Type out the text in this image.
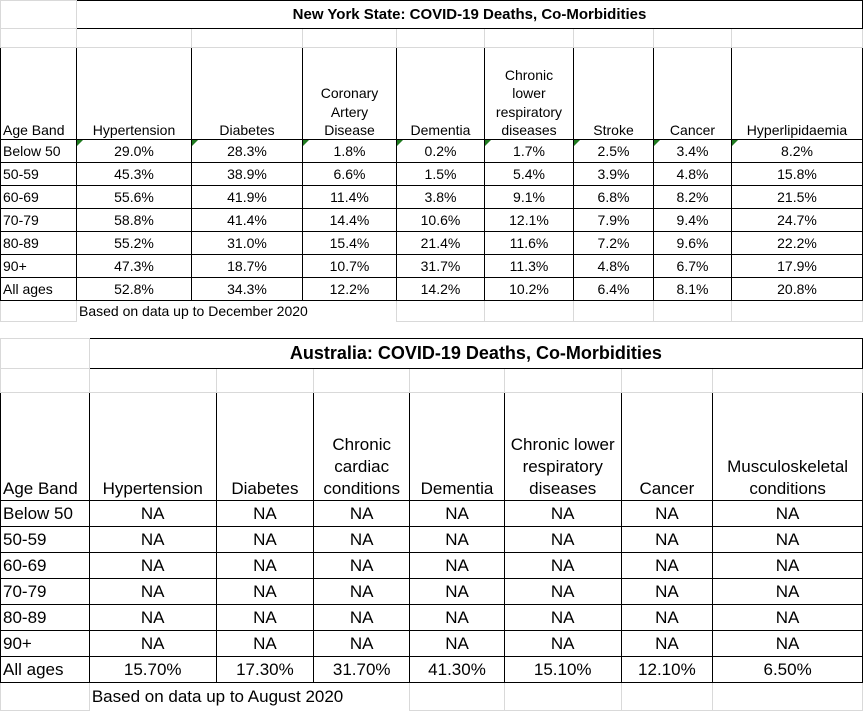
	New York State: COVID-19 Deaths, Co-Morbidities							

Age Band	Hypertension	Diabetes	Coronary Artery Disease	Dementia	Chronic lower respiratory diseases	Stroke	Cancer	Hyperlipidaemia
Below 50	29.0%	28.3%	1.8%	0.2%	1.7%	2.5%	3.4%	8.2%
50-59	45.3%	38.9%	6.6%	1.5%	5.4%	3.9%	4.8%	15.8%
60-69	55.6%	41.9%	11.4%	3.8%	9.1%	6.8%	8.2%	21.5%
70-79	58.8%	41.4%	14.4%	10.6%	12.1%	7.9%	9.4%	24.7%
80-89	55.2%	31.0%	15.4%	21.4%	11.6%	7.2%	9.6%	22.2%
90+	47.3%	18.7%	10.7%	31.7%	11.3%	4.8%	6.7%	17.9%
All ages	52.8%	34.3%	12.2%	14.2%	10.2%	6.4%	8.1%	20.8%
	Based on data up to December 2020							
	Australia: COVID-19 Deaths, Co-Morbidities						

Age Band	Hypertension	Diabetes	Chronic cardiac conditions	Dementia	Chronic lower respiratory diseases	Cancer	Musculoskeletal conditions
Below 50	NA	NA	NA	NA	NA	NA	NA
50-59	NA	NA	NA	NA	NA	NA	NA
60-69	NA	NA	NA	NA	NA	NA	NA
70-79	NA	NA	NA	NA	NA	NA	NA
80-89	NA	NA	NA	NA	NA	NA	NA
90+	NA	NA	NA	NA	NA	NA	NA
All ages	15.70%	17.30%	31.70%	41.30%	15.10%	12.10%	6.50%
	Based on data up to August 2020						
